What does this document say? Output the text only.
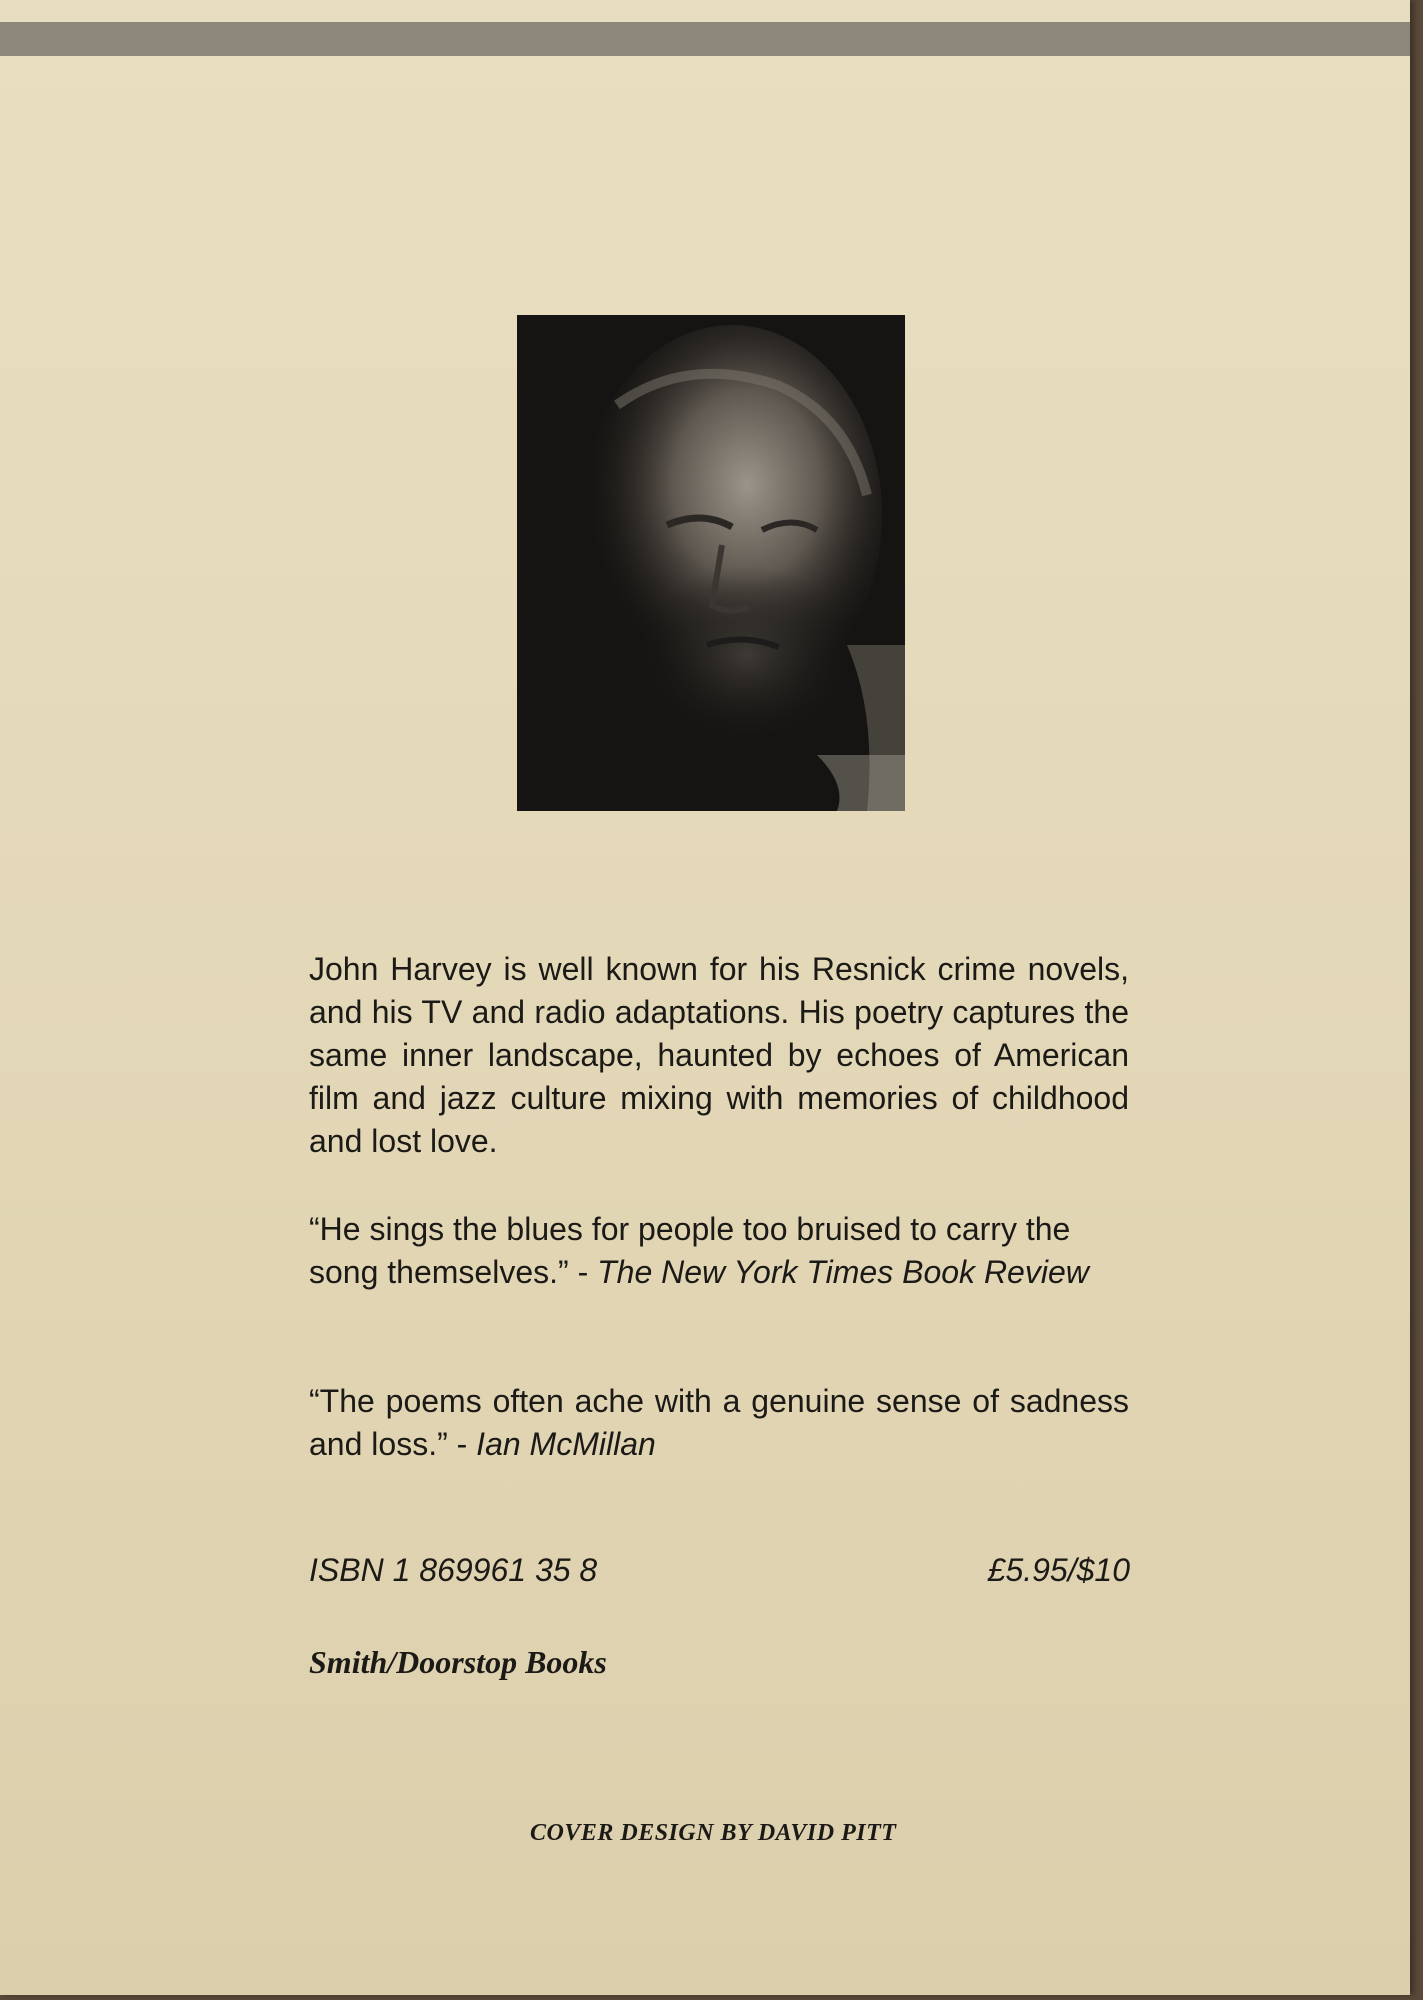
John Harvey is well known for his Resnick crime novels, and his TV and radio adaptations. His poetry captures the same inner landscape, haunted by echoes of American film and jazz culture mixing with memories of childhood and lost love.

“He sings the blues for people too bruised to carry the song themselves.” - The New York Times Book Review

“The poems often ache with a genuine sense of sadness and loss.” - Ian McMillan

ISBN 1 869961 35 8	£5.95/$10

Smith/Doorstop Books

COVER DESIGN BY DAVID PITT
